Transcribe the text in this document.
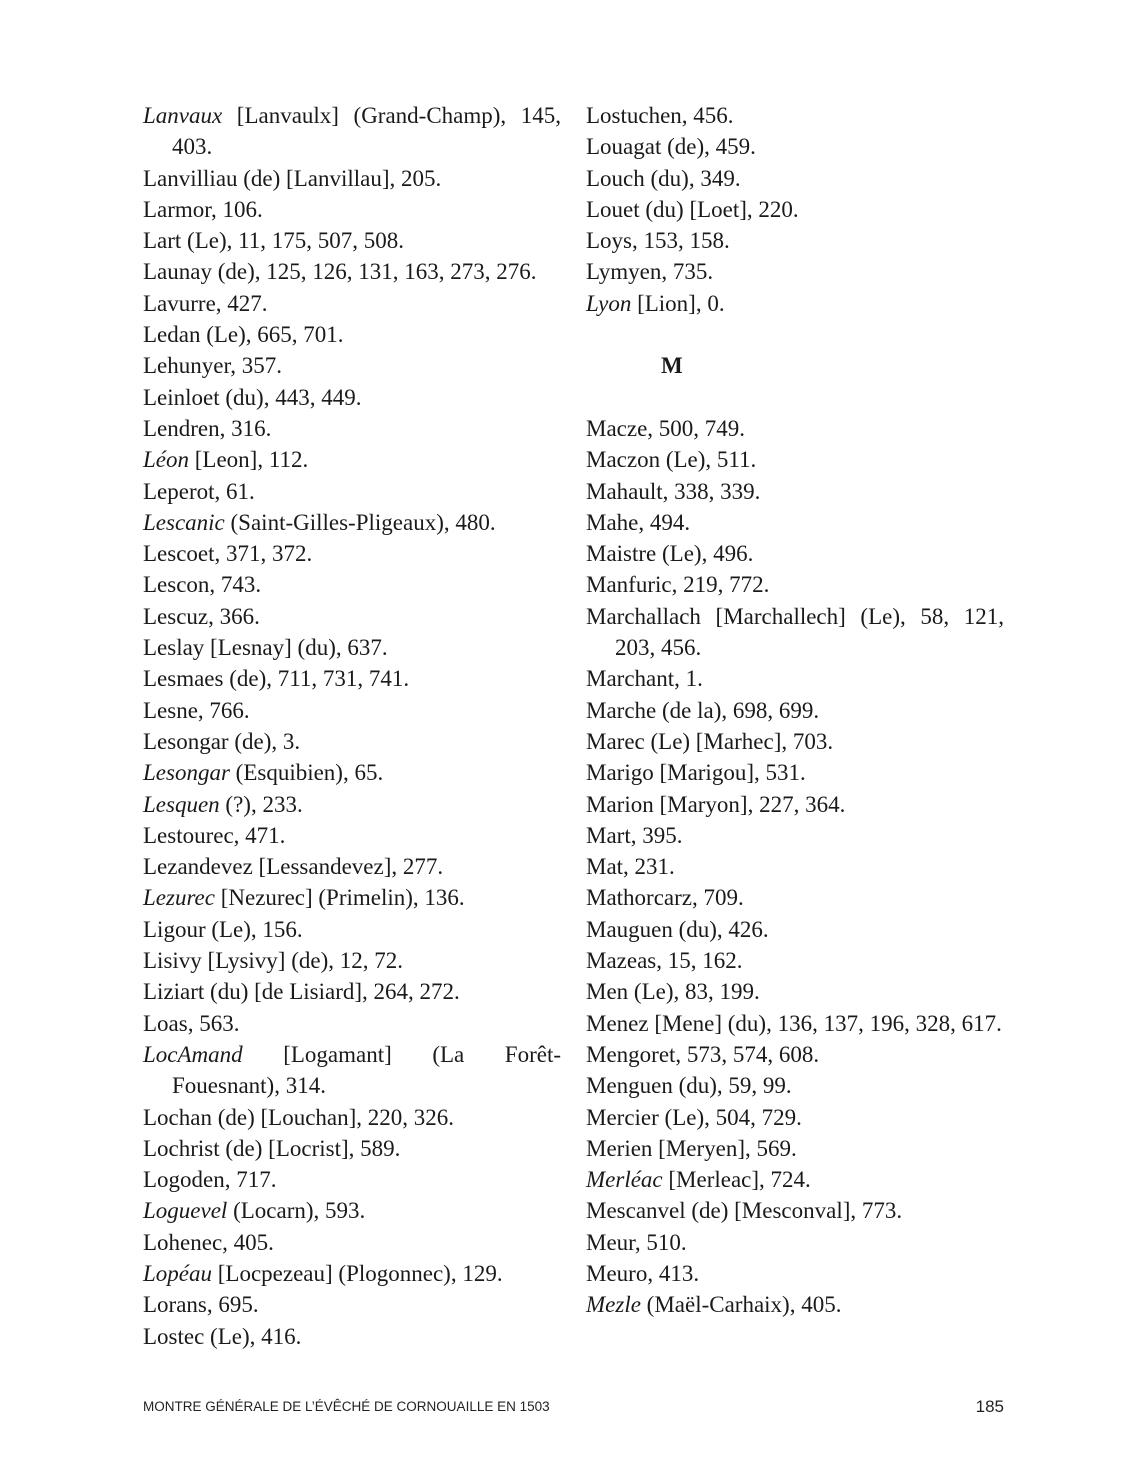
Lanvaux [Lanvaulx] (Grand-Champ), 145, 403.
Lanvilliau (de) [Lanvillau], 205.
Larmor, 106.
Lart (Le), 11, 175, 507, 508.
Launay (de), 125, 126, 131, 163, 273, 276.
Lavurre, 427.
Ledan (Le), 665, 701.
Lehunyer, 357.
Leinloet (du), 443, 449.
Lendren, 316.
Léon [Leon], 112.
Leperot, 61.
Lescanic (Saint-Gilles-Pligeaux), 480.
Lescoet, 371, 372.
Lescon, 743.
Lescuz, 366.
Leslay [Lesnay] (du), 637.
Lesmaes (de), 711, 731, 741.
Lesne, 766.
Lesongar (de), 3.
Lesongar (Esquibien), 65.
Lesquen (?), 233.
Lestourec, 471.
Lezandevez [Lessandevez], 277.
Lezurec [Nezurec] (Primelin), 136.
Ligour (Le), 156.
Lisivy [Lysivy] (de), 12, 72.
Liziart (du) [de Lisiard], 264, 272.
Loas, 563.
LocAmand [Logamant] (La Forêt-Fouesnant), 314.
Lochan (de) [Louchan], 220, 326.
Lochrist (de) [Locrist], 589.
Logoden, 717.
Loguevel (Locarn), 593.
Lohenec, 405.
Lopéau [Locpezeau] (Plogonnec), 129.
Lorans, 695.
Lostec (Le), 416.
Lostuchen, 456.
Louagat (de), 459.
Louch (du), 349.
Louet (du) [Loet], 220.
Loys, 153, 158.
Lymyen, 735.
Lyon [Lion], 0.
M
Macze, 500, 749.
Maczon (Le), 511.
Mahault, 338, 339.
Mahe, 494.
Maistre (Le), 496.
Manfuric, 219, 772.
Marchallach [Marchallech] (Le), 58, 121, 203, 456.
Marchant, 1.
Marche (de la), 698, 699.
Marec (Le) [Marhec], 703.
Marigo [Marigou], 531.
Marion [Maryon], 227, 364.
Mart, 395.
Mat, 231.
Mathorcarz, 709.
Mauguen (du), 426.
Mazeas, 15, 162.
Men (Le), 83, 199.
Menez [Mene] (du), 136, 137, 196, 328, 617.
Mengoret, 573, 574, 608.
Menguen (du), 59, 99.
Mercier (Le), 504, 729.
Merien [Meryen], 569.
Merléac [Merleac], 724.
Mescanvel (de) [Mesconval], 773.
Meur, 510.
Meuro, 413.
Mezle (Maël-Carhaix), 405.
MONTRE GÉNÉRALE DE L’ÉVÊCHÉ DE CORNOUAILLE EN 1503	185
